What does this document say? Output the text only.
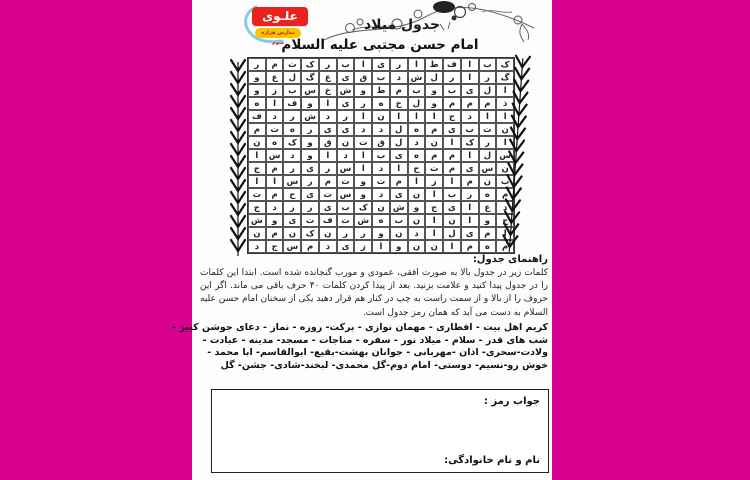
علـوی
مدارس هزاره سوم
جدول میلاد
امام حسن مجتبی علیه السلام
ک
ب
ا
ف
ط
ا
ر
ی
ا
ب
ر
ک
ت
م
ر
گ
ر
ا
ر
ل
ش
د
ب
ق
ی
ع
گ
ل
ع
و
ا
ل
ی
ب
و
ب
م
ط
و
ش
خ
س
ب
ز
و
ذ
م
م
م
و
ل
خ
ه
ر
ی
ا
و
ف
ا
ه
ا
ا
د
ح
ا
ا
ا
ن
ا
ر
د
ش
ر
د
ف
ن
ت
ب
ی
م
ه
ل
د
د
ی
ی
ر
ه
ت
م
ا
ر
ک
ا
ن
د
ل
ق
ت
ن
ق
و
ک
ه
ن
س
ل
ا
م
م
ه
ی
ب
ا
د
ا
و
د
س
ا
ن
س
ی
م
ت
ح
ا
د
ا
س
ر
ی
ر
م
ج
ب
ن
م
ا
ز
ا
م
ت
و
ت
م
ر
س
ا
ا
م
ه
ر
ب
ا
ن
ی
د
و
س
ت
ی
ح
م
ت
د
ع
ا
ی
ج
و
ش
ن
ک
ب
ی
ر
ر
د
ج
ج
و
ا
ن
ا
ن
ب
ه
ش
ت
ف
ت
ی
و
ش
ا
م
ی
ل
ا
د
ن
و
ر
ر
ن
ک
ن
م
ن
م
ه
م
ا
ن
ن
و
ا
ز
ی
د
م
س
ج
د
راهنمای جدول:
کلمات زیر در جدول بالا به صورت افقی، عمودی و مورب گنجانده شده است. ابتدا این کلمات را در جدول پیدا کنید و علامت بزنید. بعد از پیدا کردن کلمات ۴۰ حرف باقی می ماند. اگر این حروف را از بالا و از سمت راست به چپ در کنار هم قرار دهید یکی از سخنان امام حسن علیه السلام به دست می آید که همان رمز جدول است.
کریم اهل بیت - افطاری - مهمان نوازی - برکت- روزه - نماز - دعای جوشن کبیر -
شب های قدر - سلام - میلاد نور - سفره - مناجات - مسجد- مدینه - عبادت -
ولادت-سحری- اذان -مهربانی - جوانان بهشت-بقیع- ابوالقاسم- ابا محمد -
خوش رو-نسیم- دوستی- امام دوم-گل محمدی- لبخند-شادی- جشن- گل
جواب رمز :
نام و نام خانوادگی:
